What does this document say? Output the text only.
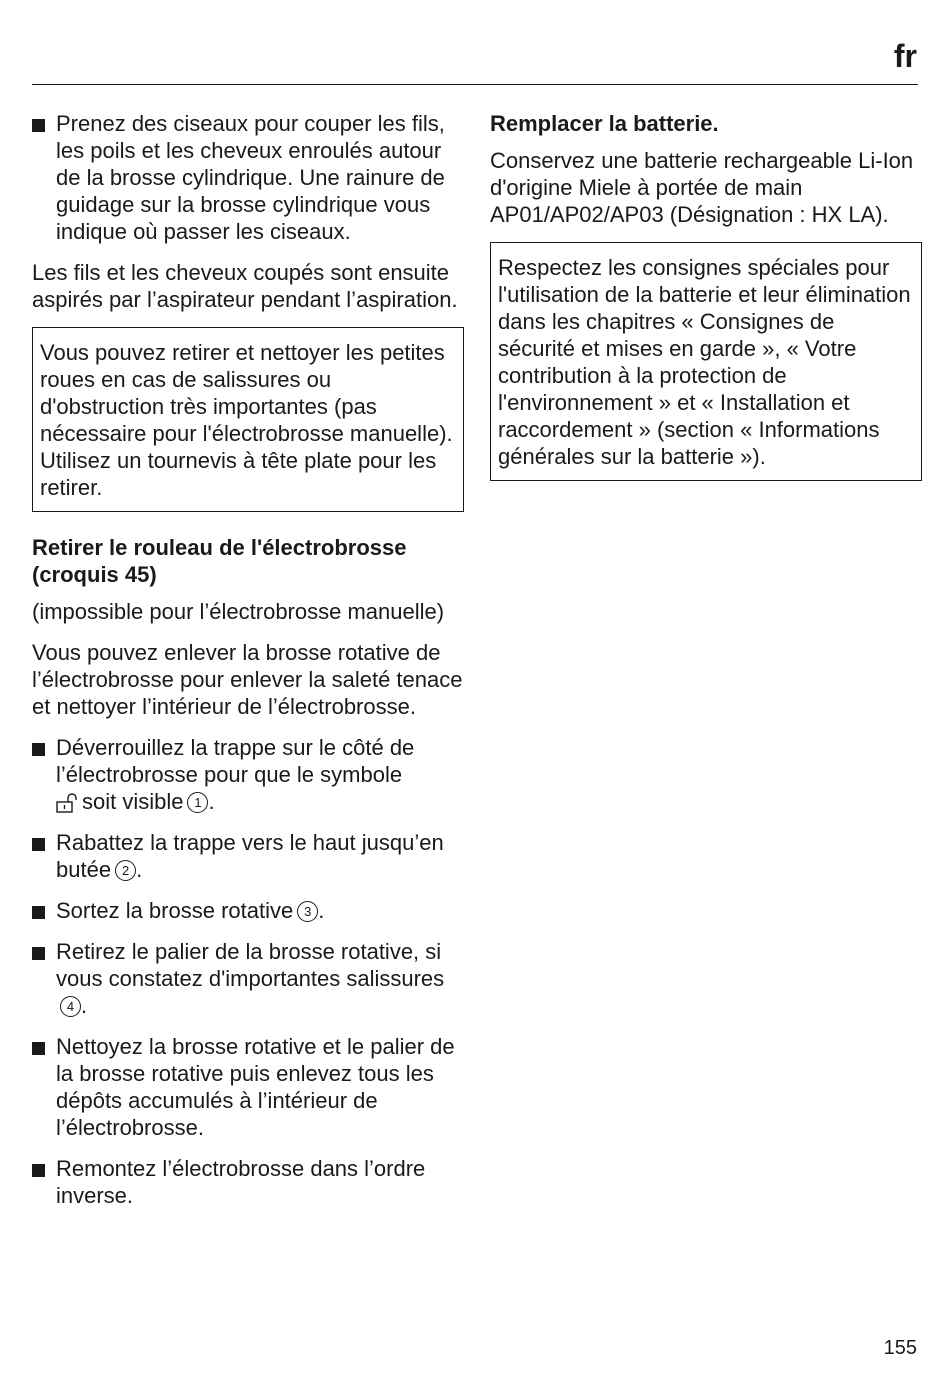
fr
Prenez des ciseaux pour couper les fils, les poils et les cheveux enroulés autour de la brosse cylindrique. Une rainure de guidage sur la brosse cylindrique vous indique où passer les ciseaux.

Les fils et les cheveux coupés sont ensuite aspirés par l’aspirateur pendant l’aspiration.

Vous pouvez retirer et nettoyer les petites roues en cas de salissures ou d'obstruction très importantes (pas nécessaire pour l'électrobrosse manuelle). Utilisez un tournevis à tête plate pour les retirer.
Retirer le rouleau de l'électrobrosse (croquis 45)

(impossible pour l’électrobrosse manuelle)

Vous pouvez enlever la brosse rotative de l’électrobrosse pour enlever la saleté tenace et nettoyer l’intérieur de l’électrobrosse.

Déverrouillez la trappe sur le côté de l’électrobrosse pour que le symbole
soit visible 1 .
Rabattez la trappe vers le haut jusqu’en butée 2 .
Sortez la brosse rotative 3 .
Retirez le palier de la brosse rotative, si vous constatez d'importantes salissures4 .
Nettoyez la brosse rotative et le palier de la brosse rotative puis enlevez tous les dépôts accumulés à l’intérieur de l’électrobrosse.
Remontez l’électrobrosse dans l’ordre inverse.
Remplacer la batterie.

Conservez une batterie rechargeable Li-Ion d'origine Miele à portée de main AP01/AP02/AP03 (Désignation : HX LA).

Respectez les consignes spéciales pour l'utilisation de la batterie et leur élimination dans les chapitres « Consignes de sécurité et mises en garde », « Votre contribution à la protection de l'environnement » et « Installation et raccordement » (section « Informations générales sur la batterie »).
155
